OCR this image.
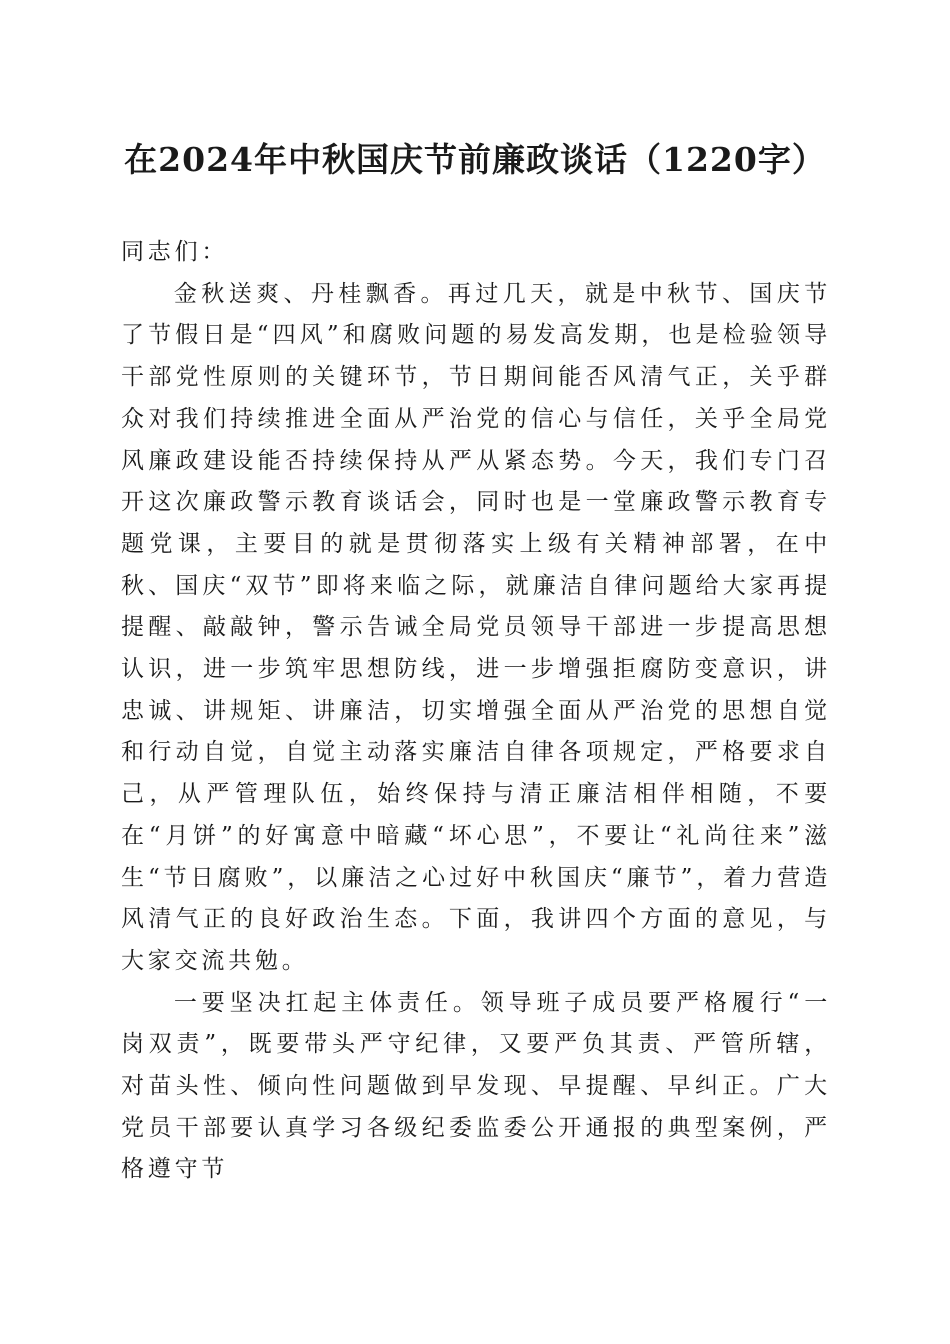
在2024年中秋国庆节前廉政谈话（1220字）

同志们：

金秋送爽、丹桂飘香。再过几天，就是中秋节、国庆节了节假日是“四风”和腐败问题的易发高发期，也是检验领导干部党性原则的关键环节，节日期间能否风清气正，关乎群众对我们持续推进全面从严治党的信心与信任，关乎全局党风廉政建设能否持续保持从严从紧态势。今天，我们专门召开这次廉政警示教育谈话会，同时也是一堂廉政警示教育专题党课，主要目的就是贯彻落实上级有关精神部署，在中秋、国庆“双节”即将来临之际，就廉洁自律问题给大家再提提醒、敲敲钟，警示告诫全局党员领导干部进一步提高思想认识，进一步筑牢思想防线，进一步增强拒腐防变意识，讲忠诚、讲规矩、讲廉洁，切实增强全面从严治党的思想自觉和行动自觉，自觉主动落实廉洁自律各项规定，严格要求自己，从严管理队伍，始终保持与清正廉洁相伴相随，不要在“月饼”的好寓意中暗藏“坏心思”，不要让“礼尚往来”滋生“节日腐败”，以廉洁之心过好中秋国庆“廉节”，着力营造风清气正的良好政治生态。下面，我讲四个方面的意见，与大家交流共勉。

一要坚决扛起主体责任。领导班子成员要严格履行“一岗双责”，既要带头严守纪律，又要严负其责、严管所辖，对苗头性、倾向性问题做到早发现、早提醒、早纠正。广大党员干部要认真学习各级纪委监委公开通报的典型案例，严格遵守节
